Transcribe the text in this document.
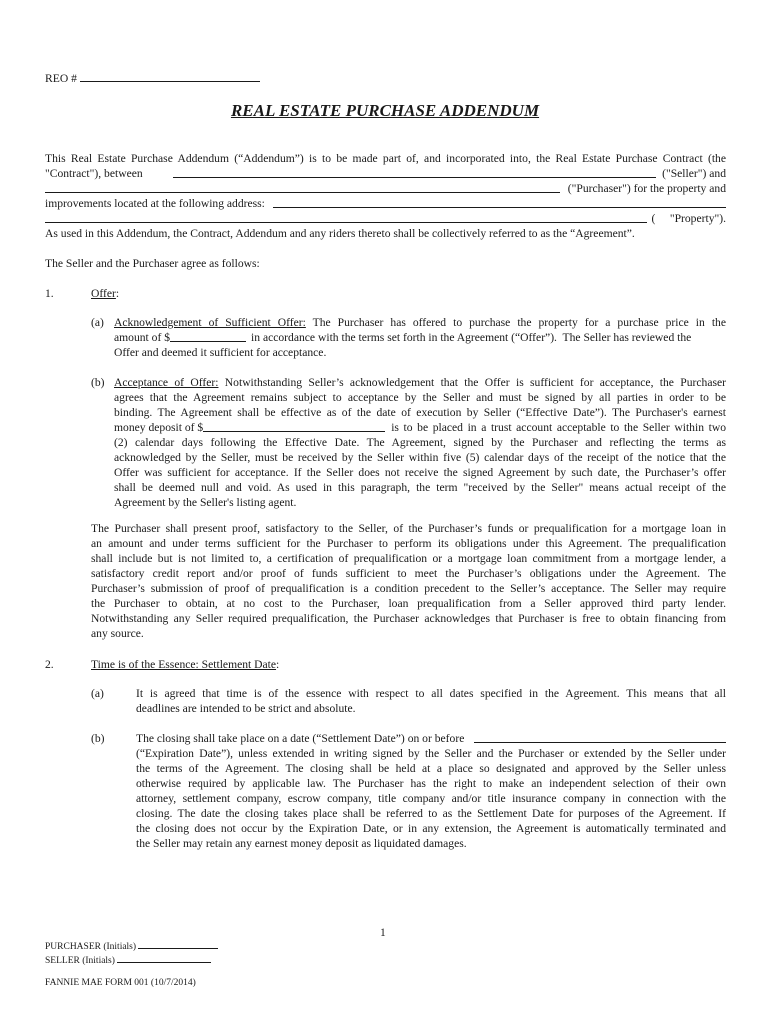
REO #
REAL ESTATE PURCHASE ADDENDUM
This Real Estate Purchase Addendum (“Addendum”) is to be made part of, and incorporated into, the Real Estate Purchase Contract (the
"Contract"), between	("Seller") and
("Purchaser") for the property and
improvements located at the following address:
(     "Property").
As used in this Addendum, the Contract, Addendum and any riders thereto shall be collectively referred to as the “Agreement”.
The Seller and the Purchaser agree as follows:
1.	Offer:
(a) Acknowledgement of Sufficient Offer: The Purchaser has offered to purchase the property for a purchase price in the
amount of $	in accordance with the terms set forth in the Agreement (“Offer”).  The Seller has reviewed the
Offer and deemed it sufficient for acceptance.
(b) Acceptance of Offer: Notwithstanding Seller’s acknowledgement that the Offer is sufficient for acceptance, the Purchaser
agrees that the Agreement remains subject to acceptance by the Seller and must be signed by all parties in order to be
binding. The Agreement shall be effective as of the date of execution by Seller (“Effective Date”). The Purchaser's earnest
money deposit of $	is to be placed in a trust account acceptable to the Seller within two
(2) calendar days following the Effective Date. The Agreement, signed by the Purchaser and reflecting the terms as
acknowledged by the Seller, must be received by the Seller within five (5) calendar days of the receipt of the notice that the
Offer was sufficient for acceptance. If the Seller does not receive the signed Agreement by such date, the Purchaser’s offer
shall be deemed null and void. As used in this paragraph, the term "received by the Seller" means actual receipt of the
Agreement by the Seller's listing agent.
The Purchaser shall present proof, satisfactory to the Seller, of the Purchaser’s funds or prequalification for a mortgage loan in
an amount and under terms sufficient for the Purchaser to perform its obligations under this Agreement. The prequalification
shall include but is not limited to, a certification of prequalification or a mortgage loan commitment from a mortgage lender, a
satisfactory credit report and/or proof of funds sufficient to meet the Purchaser’s obligations under the Agreement. The
Purchaser’s submission of proof of prequalification is a condition precedent to the Seller’s acceptance. The Seller may require
the Purchaser to obtain, at no cost to the Purchaser, loan prequalification from a Seller approved third party lender.
Notwithstanding any Seller required prequalification, the Purchaser acknowledges that Purchaser is free to obtain financing from
any source.
2.	Time is of the Essence: Settlement Date:
(a)	It is agreed that time is of the essence with respect to all dates specified in the Agreement. This means that all
deadlines are intended to be strict and absolute.
(b)	The closing shall take place on a date (“Settlement Date”) on or before
(“Expiration Date”), unless extended in writing signed by the Seller and the Purchaser or extended by the Seller under
the terms of the Agreement. The closing shall be held at a place so designated and approved by the Seller unless
otherwise required by applicable law. The Purchaser has the right to make an independent selection of their own
attorney, settlement company, escrow company, title company and/or title insurance company in connection with the
closing. The date the closing takes place shall be referred to as the Settlement Date for purposes of the Agreement. If
the closing does not occur by the Expiration Date, or in any extension, the Agreement is automatically terminated and
the Seller may retain any earnest money deposit as liquidated damages.
1
PURCHASER (Initials)
SELLER (Initials)
FANNIE MAE FORM 001 (10/7/2014)
